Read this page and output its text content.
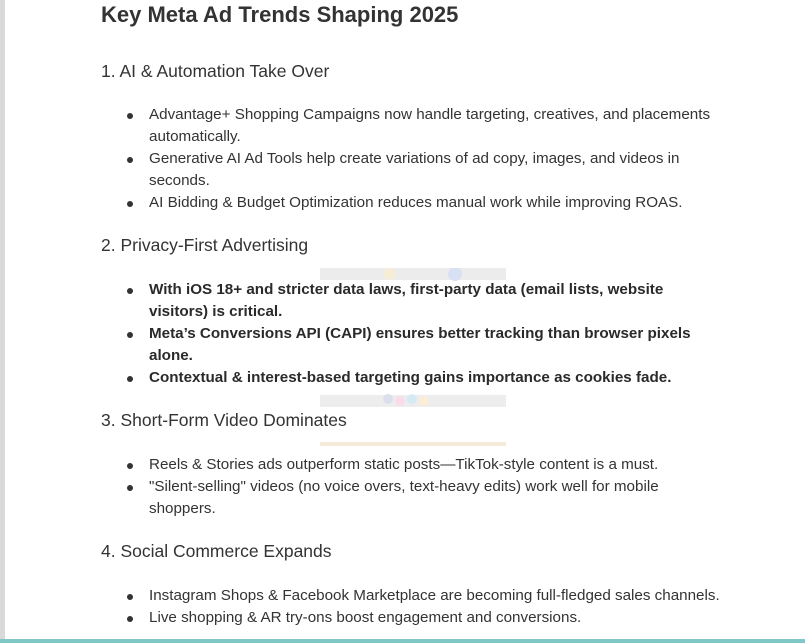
Key Meta Ad Trends Shaping 2025
1. AI & Automation Take Over
Advantage+ Shopping Campaigns now handle targeting, creatives, and placements automatically.
Generative AI Ad Tools help create variations of ad copy, images, and videos in seconds.
AI Bidding & Budget Optimization reduces manual work while improving ROAS.
2. Privacy-First Advertising
With iOS 18+ and stricter data laws, first-party data (email lists, website visitors) is critical.
Meta’s Conversions API (CAPI) ensures better tracking than browser pixels alone.
Contextual & interest-based targeting gains importance as cookies fade.
3. Short-Form Video Dominates
Reels & Stories ads outperform static posts—TikTok-style content is a must.
"Silent-selling" videos (no voice overs, text-heavy edits) work well for mobile shoppers.
4. Social Commerce Expands
Instagram Shops & Facebook Marketplace are becoming full-fledged sales channels.
Live shopping & AR try-ons boost engagement and conversions.
